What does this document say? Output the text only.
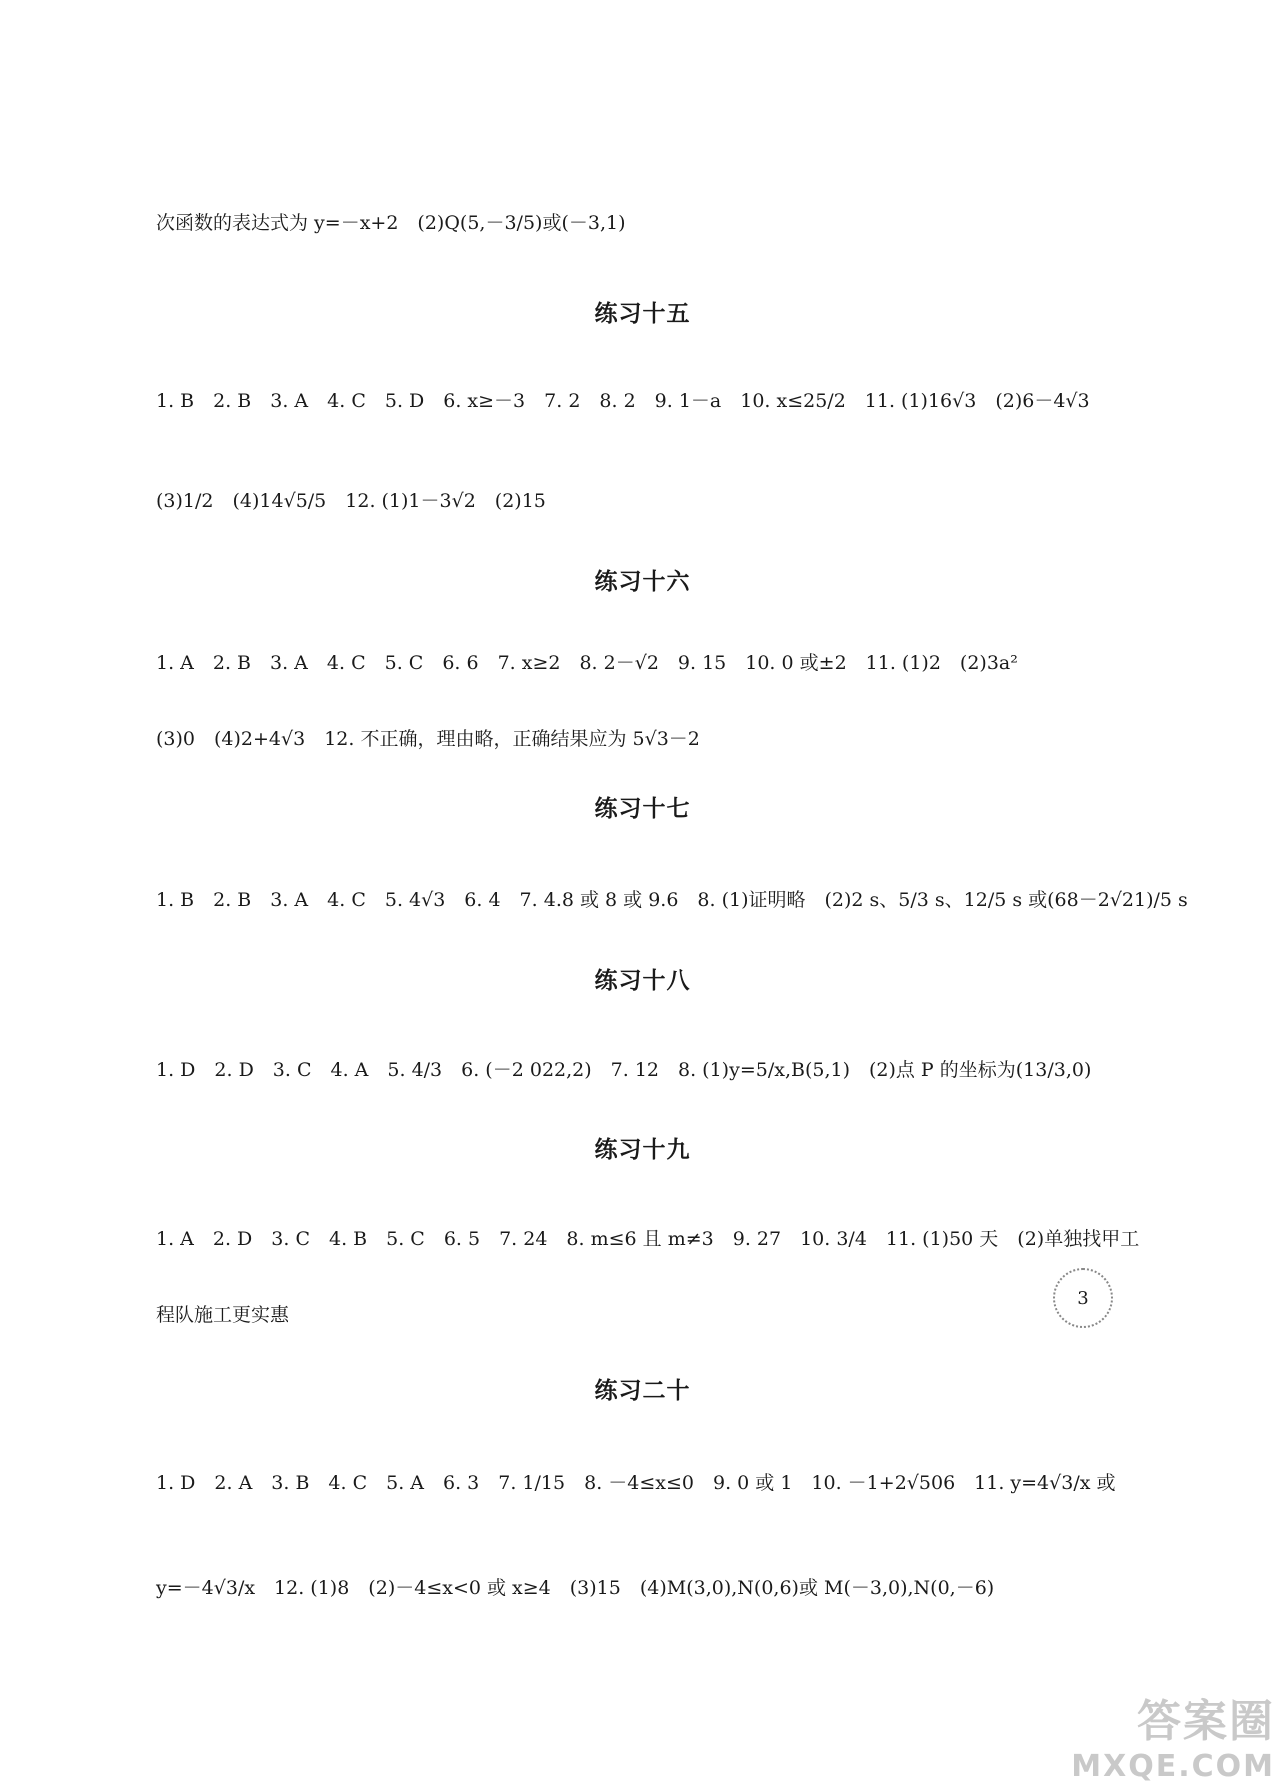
次函数的表达式为 y=－x+2　(2)Q(5,－3/5)或(－3,1)
练习十五
1. B　2. B　3. A　4. C　5. D　6. x≥－3　7. 2　8. 2　9. 1－a　10. x≤25/2　11. (1)16√3　(2)6－4√3
(3)1/2　(4)14√5/5　12. (1)1－3√2　(2)15
练习十六
1. A　2. B　3. A　4. C　5. C　6. 6　7. x≥2　8. 2－√2　9. 15　10. 0 或±2　11. (1)2　(2)3a²
(3)0　(4)2+4√3　12. 不正确，理由略，正确结果应为 5√3－2
练习十七
1. B　2. B　3. A　4. C　5. 4√3　6. 4　7. 4.8 或 8 或 9.6　8. (1)证明略　(2)2 s、5/3 s、12/5 s 或(68－2√21)/5 s
练习十八
1. D　2. D　3. C　4. A　5. 4/3　6. (－2 022,2)　7. 12　8. (1)y=5/x,B(5,1)　(2)点 P 的坐标为(13/3,0)
练习十九
1. A　2. D　3. C　4. B　5. C　6. 5　7. 24　8. m≤6 且 m≠3　9. 27　10. 3/4　11. (1)50 天　(2)单独找甲工
程队施工更实惠
练习二十
1. D　2. A　3. B　4. C　5. A　6. 3　7. 1/15　8. －4≤x≤0　9. 0 或 1　10. －1+2√506　11. y=4√3/x 或
y=－4√3/x　12. (1)8　(2)－4≤x<0 或 x≥4　(3)15　(4)M(3,0),N(0,6)或 M(－3,0),N(0,－6)
3
答案圈
MXQE.COM
